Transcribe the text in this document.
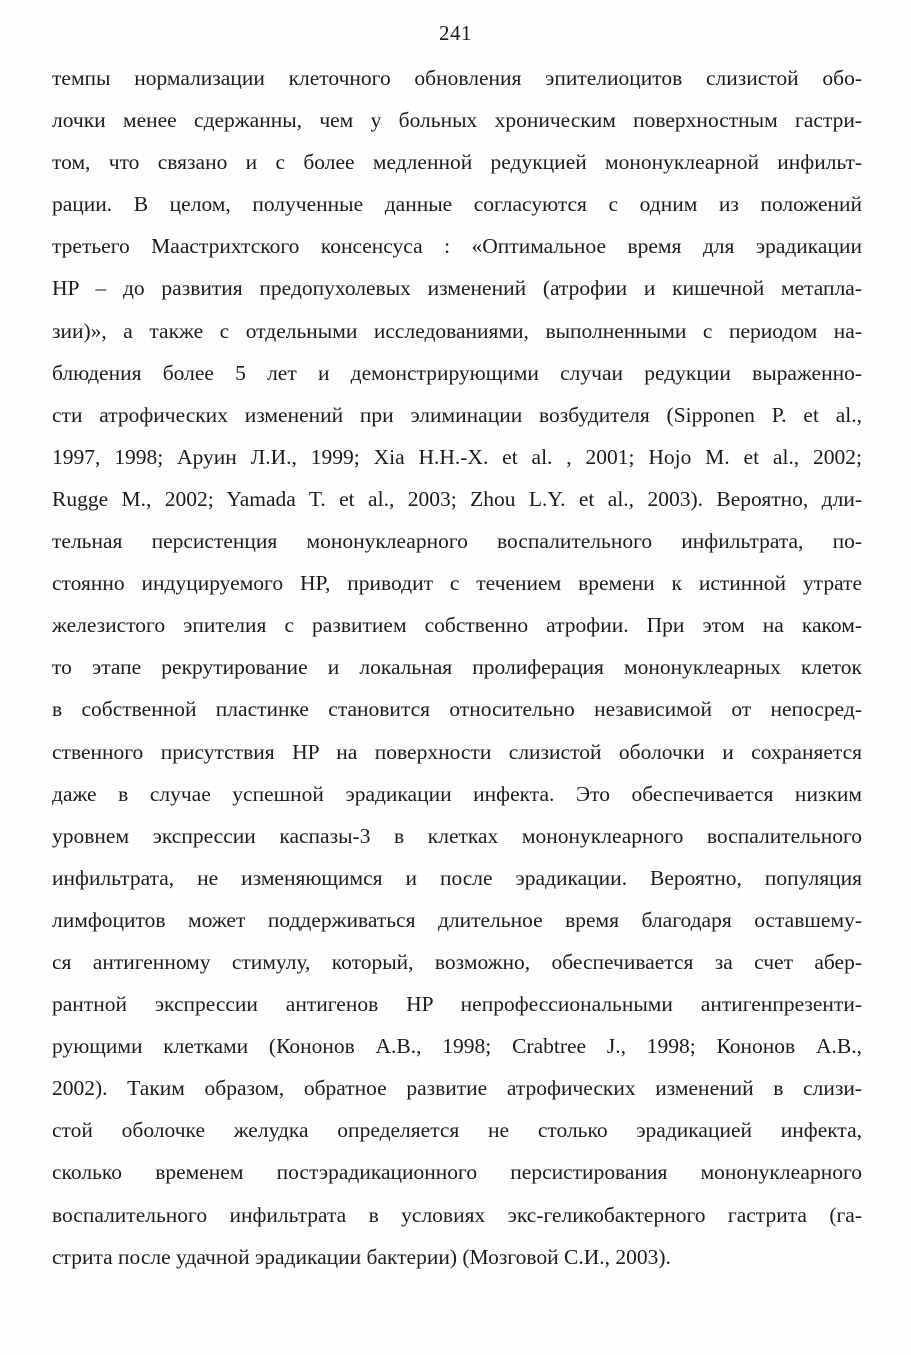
241
темпы нормализации клеточного обновления эпителиоцитов слизистой обо-
лочки менее сдержанны, чем у больных хроническим поверхностным гастри-
том, что связано и с более медленной редукцией мононуклеарной инфильт-
рации. В целом, полученные данные согласуются с одним из положений
третьего Маастрихтского консенсуса : «Оптимальное время для эрадикации
HP – до развития предопухолевых изменений (атрофии и кишечной метапла-
зии)», а также с отдельными исследованиями, выполненными с периодом на-
блюдения более 5 лет и демонстрирующими случаи редукции выраженно-
сти атрофических изменений при элиминации возбудителя (Sipponen P. et al.,
1997, 1998; Аруин Л.И., 1999; Xia H.H.-X. et al. , 2001; Hojo M. et al., 2002;
Rugge M., 2002; Yamada T. et al., 2003; Zhou L.Y. et al., 2003). Вероятно, дли-
тельная персистенция мононуклеарного воспалительного инфильтрата, по-
стоянно индуцируемого HP, приводит с течением времени к истинной утрате
железистого эпителия с развитием собственно атрофии. При этом на каком-
то этапе рекрутирование и локальная пролиферация мононуклеарных клеток
в собственной пластинке становится относительно независимой от непосред-
ственного присутствия HP на поверхности слизистой оболочки и сохраняется
даже в случае успешной эрадикации инфекта. Это обеспечивается низким
уровнем экспрессии каспазы-3 в клетках мононуклеарного воспалительного
инфильтрата, не изменяющимся и после эрадикации. Вероятно, популяция
лимфоцитов может поддерживаться длительное время благодаря оставшему-
ся антигенному стимулу, который, возможно, обеспечивается за счет абер-
рантной экспрессии антигенов HP непрофессиональными антигенпрезенти-
рующими клетками (Кононов А.В., 1998; Crabtree J., 1998; Кононов А.В.,
2002). Таким образом, обратное развитие атрофических изменений в слизи-
стой оболочке желудка определяется не столько эрадикацией инфекта,
сколько временем постэрадикационного персистирования мононуклеарного
воспалительного инфильтрата в условиях экс-геликобактерного гастрита (га-
стрита после удачной эрадикации бактерии) (Мозговой С.И., 2003).
